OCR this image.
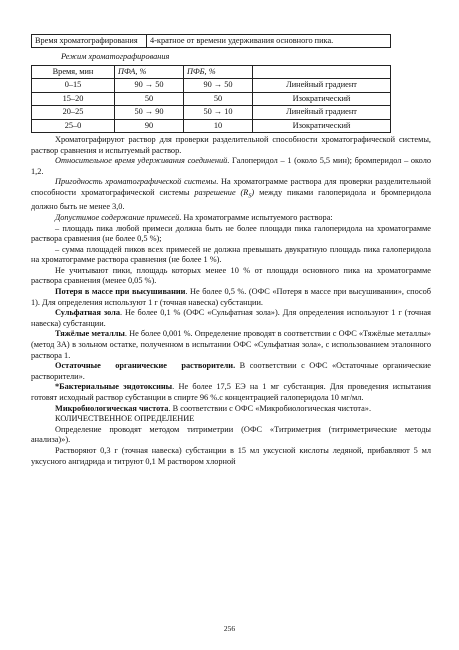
Время хроматографирования	4-кратное от времени удерживания основного пика.
Режим хроматографирования
Время, мин	ПФА, %	ПФБ, %	
0–15	90 → 50	90 → 50	Линейный градиент
15–20	50	50	Изократический
20–25	50 → 90	50 → 10	Линейный градиент
25–0	90	10	Изократический

Хроматографируют раствор для проверки разделительной способности хроматографической системы, раствор сравнения и испытуемый раствор.

Относительное время удерживания соединений. Галоперидол – 1 (около 5,5 мин); бромперидол – около 1,2.

Пригодность хроматографической системы. На хроматограмме раствора для проверки разделительной способности хроматографической системы разрешение $(R_S)$ между пиками галоперидола и бромперидола должно быть не менее 3,0.

Допустимое содержание примесей. На хроматограмме испытуемого раствора:

– площадь пика любой примеси должна быть не более площади пика галоперидола на хроматограмме раствора сравнения (не более 0,5 %);

– сумма площадей пиков всех примесей не должна превышать двукратную площадь пика галоперидола на хроматограмме раствора сравнения (не более 1 %).

Не учитывают пики, площадь которых менее 10 % от площади основного пика на хроматограмме раствора сравнения (менее 0,05 %).

Потеря в массе при высушивании. Не более 0,5 %. (ОФС «Потеря в массе при высушивании», способ 1). Для определения используют 1 г (точная навеска) субстанции.

Сульфатная зола. Не более 0,1 % (ОФС «Сульфатная зола»). Для определения используют 1 г (точная навеска) субстанции.

Тяжёлые металлы. Не более 0,001 %. Определение проводят в соответствии с ОФС «Тяжёлые металлы» (метод 3А) в зольном остатке, полученном в испытании ОФС «Сульфатная зола», с использованием эталонного раствора 1.

Остаточные органические растворители. В соответствии с ОФС «Остаточные органические растворители».

*Бактериальные эндотоксины. Не более 17,5 ЕЭ на 1 мг субстанция. Для проведения испытания готовят исходный раствор субстанции в спирте 96 %.с концентрацией галоперидола 10 мг/мл.

Микробиологическая чистота. В соответствии с ОФС «Микробиологическая чистота».

КОЛИЧЕСТВЕННОЕ ОПРЕДЕЛЕНИЕ

Определение проводят методом титриметрии (ОФС «Титриметрия (титриметрические методы анализа)»).

Растворяют 0,3 г (точная навеска) субстанции в 15 мл уксусной кислоты ледяной, прибавляют 5 мл уксусного ангидрида и титруют 0,1 М раствором хлорной

256
